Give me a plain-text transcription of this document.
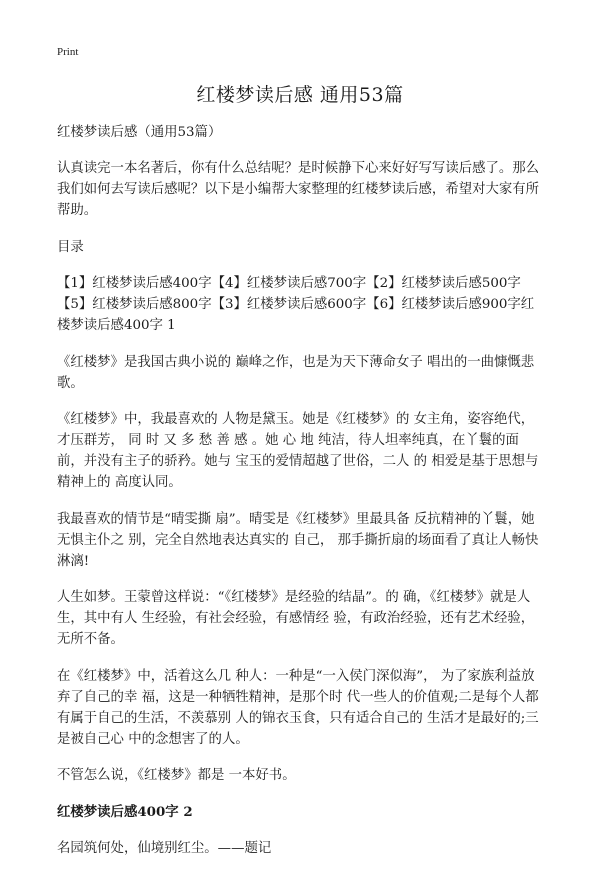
Print
红楼梦读后感 通用53篇

红楼梦读后感（通用53篇）

认真读完一本名著后，你有什么总结呢？是时候静下心来好好写写读后感了。那么我们如何去写读后感呢？以下是小编帮大家整理的红楼梦读后感，希望对大家有所帮助。

目录

【1】红楼梦读后感400字【4】红楼梦读后感700字【2】红楼梦读后感500字【5】红楼梦读后感800字【3】红楼梦读后感600字【6】红楼梦读后感900字红楼梦读后感400字 1

《红楼梦》是我国古典小说的 巅峰之作，也是为天下薄命女子 唱出的一曲慷慨悲歌。

《红楼梦》中，我最喜欢的 人物是黛玉。她是《红楼梦》的 女主角，姿容绝代，才压群芳， 同 时 又 多 愁 善 感 。她 心 地 纯洁，待人坦率纯真，在丫鬟的面 前，并没有主子的骄矜。她与 宝玉的爱情超越了世俗，二人 的 相爱是基于思想与精神上的 高度认同。

我最喜欢的情节是“晴雯撕 扇”。晴雯是《红楼梦》里最具备 反抗精神的丫鬟，她无惧主仆之 别，完全自然地表达真实的 自己， 那手撕折扇的场面看了真让人畅快淋漓!

人生如梦。王蒙曾这样说：“《红楼梦》是经验的结晶”。的 确，《红楼梦》就是人生，其中有人 生经验，有社会经验，有感情经 验，有政治经验，还有艺术经验，无所不备。

在《红楼梦》中，活着这么几 种人：一种是“一入侯门深似海”， 为了家族利益放弃了自己的幸 福，这是一种牺牲精神，是那个时 代一些人的价值观;二是每个人都有属于自己的生活，不羡慕别 人的锦衣玉食，只有适合自己的 生活才是最好的;三是被自己心 中的念想害了的人。

不管怎么说，《红楼梦》都是 一本好书。

红楼梦读后感400字 2

名园筑何处，仙境别红尘。——题记
